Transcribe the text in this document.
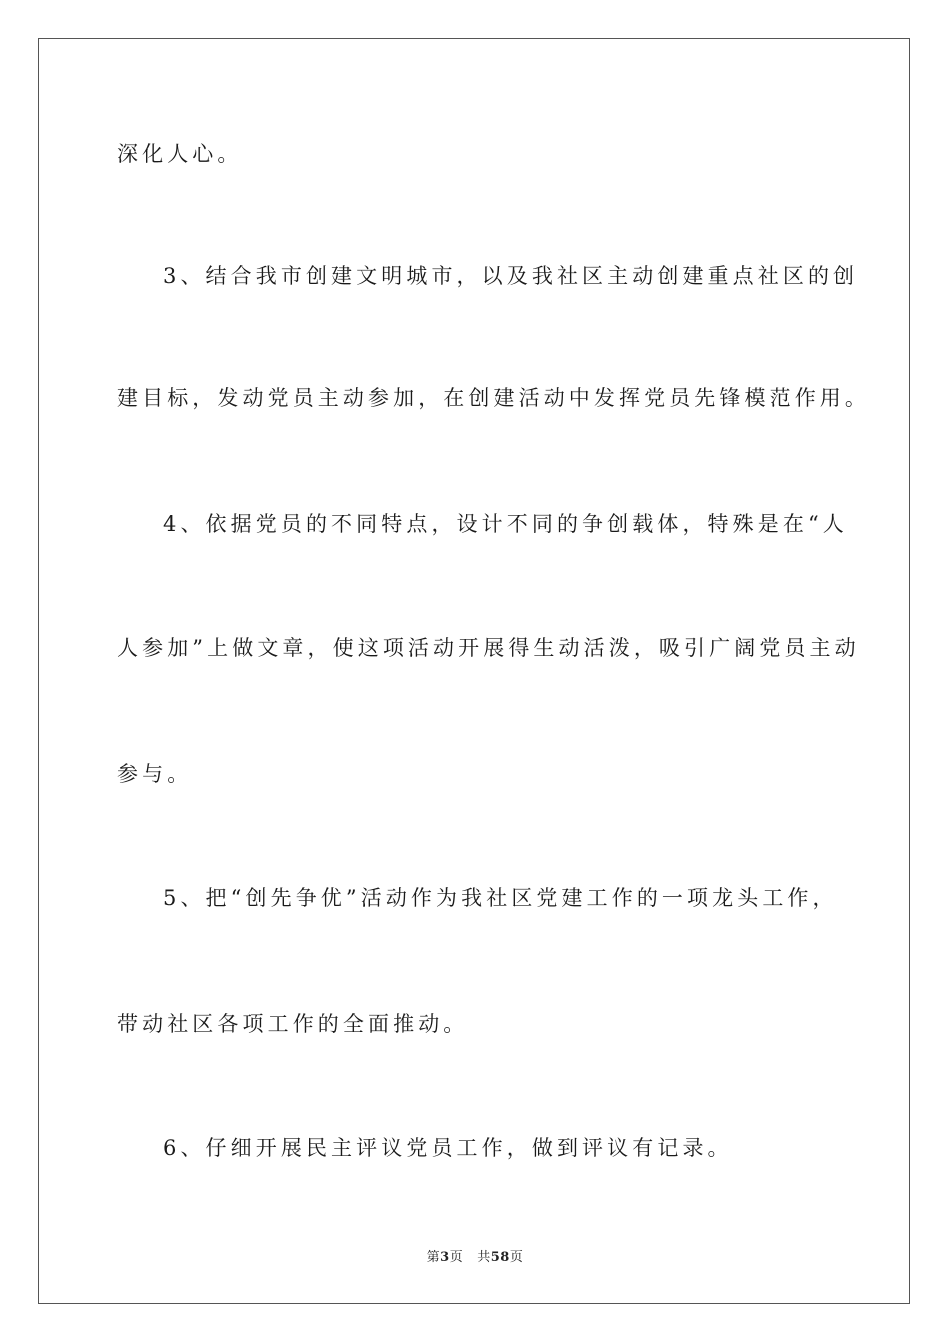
深化人心。
3、结合我市创建文明城市，以及我社区主动创建重点社区的创
建目标，发动党员主动参加，在创建活动中发挥党员先锋模范作用。
4、依据党员的不同特点，设计不同的争创载体，特殊是在“人
人参加”上做文章，使这项活动开展得生动活泼，吸引广阔党员主动
参与。
5、把“创先争优”活动作为我社区党建工作的一项龙头工作，
带动社区各项工作的全面推动。
6、仔细开展民主评议党员工作，做到评议有记录。
第3页 共58页
